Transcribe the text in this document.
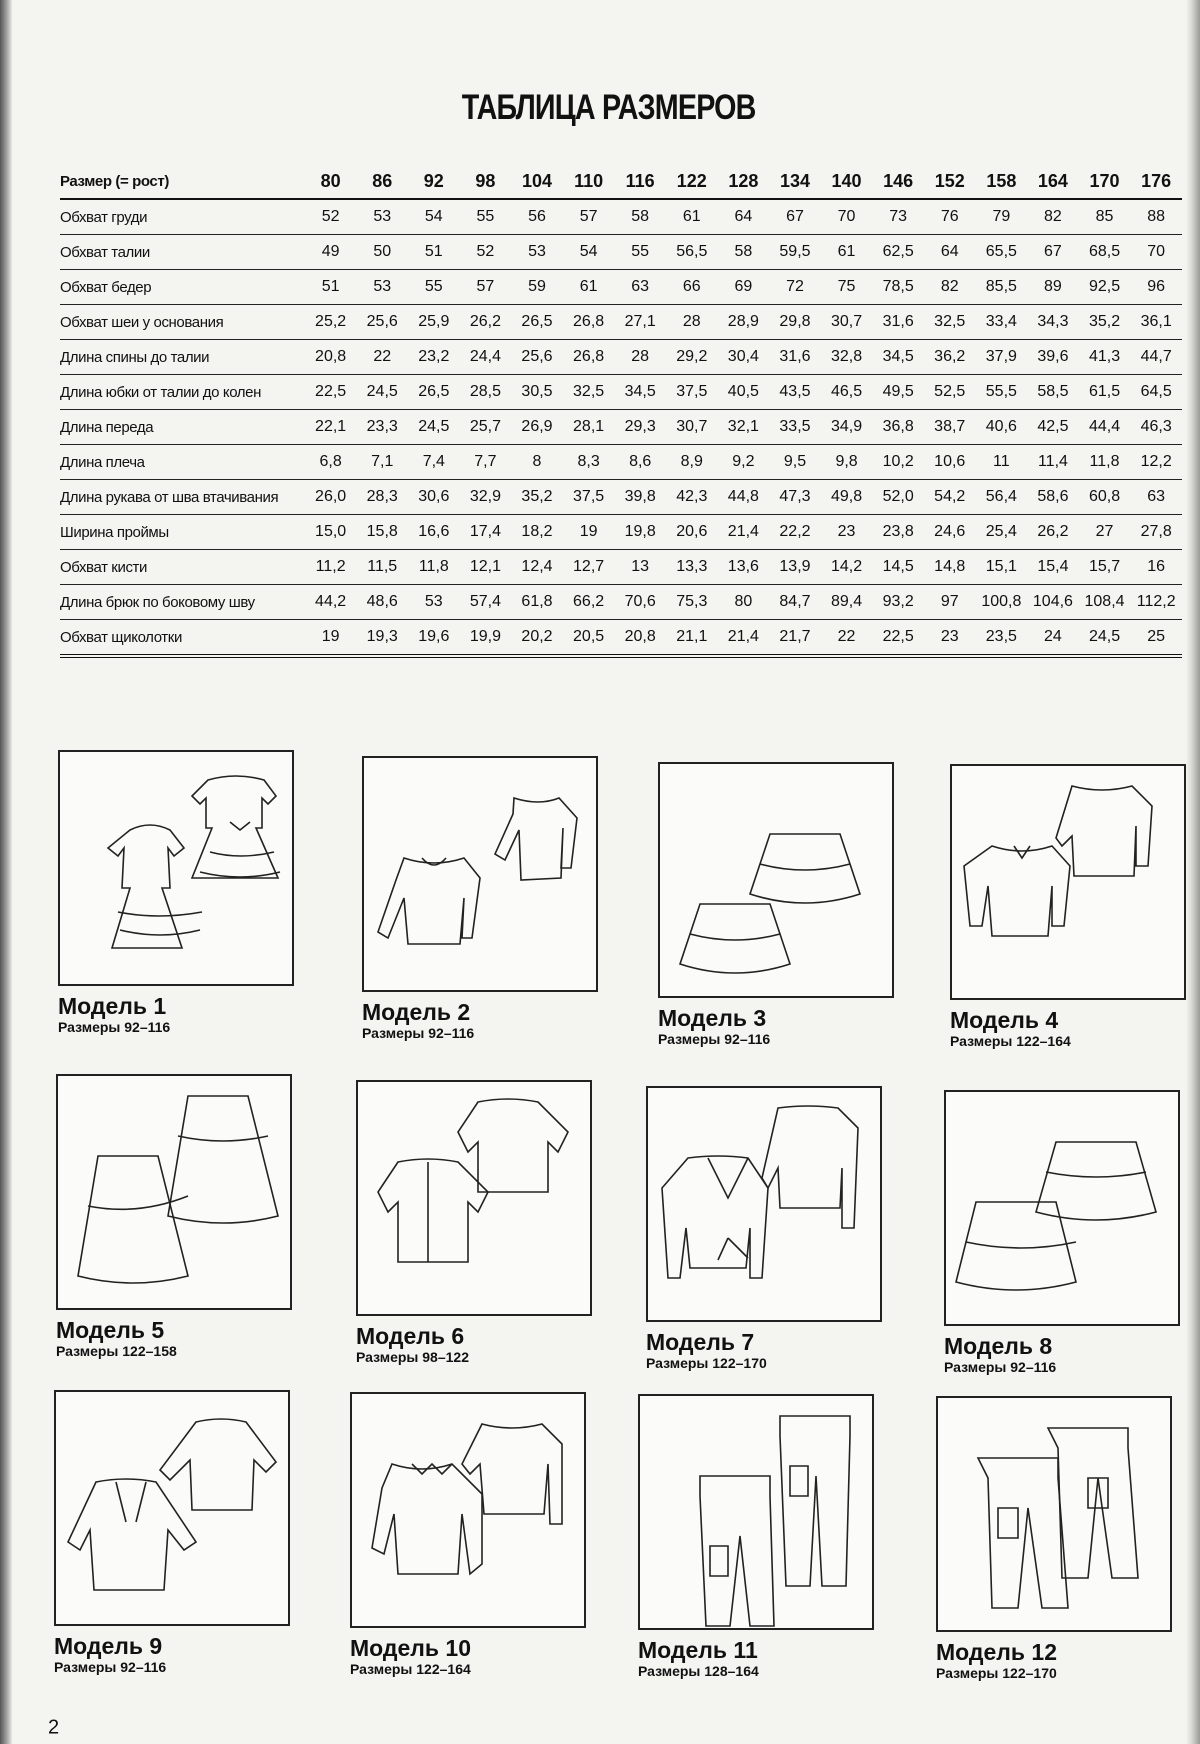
ТАБЛИЦА РАЗМЕРОВ
Размер (= рост)	80	86	92	98	104	110	116	122	128	134	140	146	152	158	164	170	176
Обхват груди	52	53	54	55	56	57	58	61	64	67	70	73	76	79	82	85	88
Обхват талии	49	50	51	52	53	54	55	56,5	58	59,5	61	62,5	64	65,5	67	68,5	70
Обхват бедер	51	53	55	57	59	61	63	66	69	72	75	78,5	82	85,5	89	92,5	96
Обхват шеи у основания	25,2	25,6	25,9	26,2	26,5	26,8	27,1	28	28,9	29,8	30,7	31,6	32,5	33,4	34,3	35,2	36,1
Длина спины до талии	20,8	22	23,2	24,4	25,6	26,8	28	29,2	30,4	31,6	32,8	34,5	36,2	37,9	39,6	41,3	44,7
Длина юбки от талии до колен	22,5	24,5	26,5	28,5	30,5	32,5	34,5	37,5	40,5	43,5	46,5	49,5	52,5	55,5	58,5	61,5	64,5
Длина переда	22,1	23,3	24,5	25,7	26,9	28,1	29,3	30,7	32,1	33,5	34,9	36,8	38,7	40,6	42,5	44,4	46,3
Длина плеча	6,8	7,1	7,4	7,7	8	8,3	8,6	8,9	9,2	9,5	9,8	10,2	10,6	11	11,4	11,8	12,2
Длина рукава от шва втачивания	26,0	28,3	30,6	32,9	35,2	37,5	39,8	42,3	44,8	47,3	49,8	52,0	54,2	56,4	58,6	60,8	63
Ширина проймы	15,0	15,8	16,6	17,4	18,2	19	19,8	20,6	21,4	22,2	23	23,8	24,6	25,4	26,2	27	27,8
Обхват кисти	11,2	11,5	11,8	12,1	12,4	12,7	13	13,3	13,6	13,9	14,2	14,5	14,8	15,1	15,4	15,7	16
Длина брюк по боковому шву	44,2	48,6	53	57,4	61,8	66,2	70,6	75,3	80	84,7	89,4	93,2	97	100,8	104,6	108,4	112,2
Обхват щиколотки	19	19,3	19,6	19,9	20,2	20,5	20,8	21,1	21,4	21,7	22	22,5	23	23,5	24	24,5	25
Модель 1
Размеры 92–116
Модель 2
Размеры 92–116
Модель 3
Размеры 92–116
Модель 4
Размеры 122–164
Модель 5
Размеры 122–158
Модель 6
Размеры 98–122
Модель 7
Размеры 122–170
Модель 8
Размеры 92–116
Модель 9
Размеры 92–116
Модель 10
Размеры 122–164
Модель 11
Размеры 128–164
Модель 12
Размеры 122–170
2
